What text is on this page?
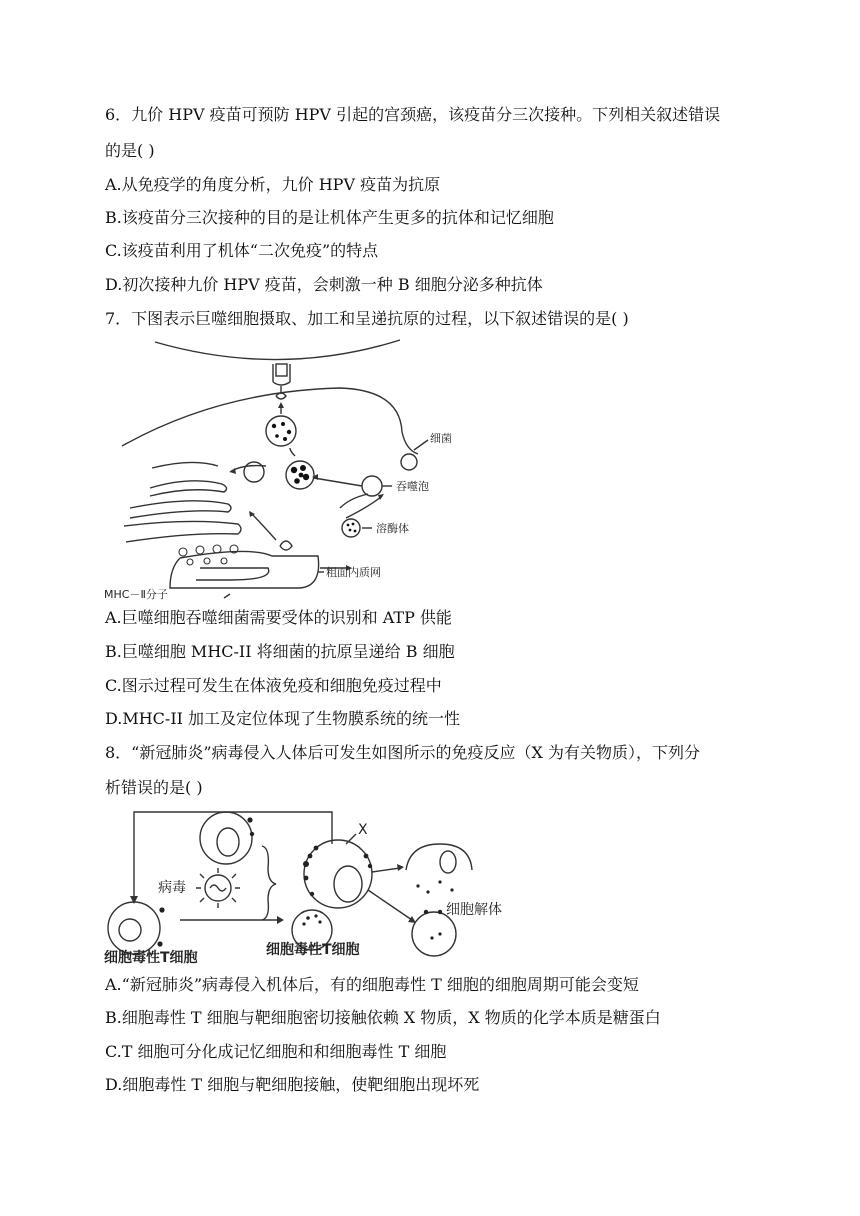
6．九价 HPV 疫苗可预防 HPV 引起的宫颈癌，该疫苗分三次接种。下列相关叙述错误
的是( )
A.从免疫学的角度分析，九价 HPV 疫苗为抗原
B.该疫苗分三次接种的目的是让机体产生更多的抗体和记忆细胞
C.该疫苗利用了机体“二次免疫”的特点
D.初次接种九价 HPV 疫苗，会刺激一种 B 细胞分泌多种抗体
7．下图表示巨噬细胞摄取、加工和呈递抗原的过程，以下叙述错误的是( )
细菌
吞噬泡
溶酶体
粗面内质网
MHC－Ⅱ分子
A.巨噬细胞吞噬细菌需要受体的识别和 ATP 供能
B.巨噬细胞 MHC-II 将细菌的抗原呈递给 B 细胞
C.图示过程可发生在体液免疫和细胞免疫过程中
D.MHC-II 加工及定位体现了生物膜系统的统一性
8．“新冠肺炎”病毒侵入人体后可发生如图所示的免疫反应（X 为有关物质），下列分
析错误的是( )
X
病毒
细胞解体
细胞毒性T细胞	细胞毒性T细胞
A.“新冠肺炎”病毒侵入机体后，有的细胞毒性 T 细胞的细胞周期可能会变短
B.细胞毒性 T 细胞与靶细胞密切接触依赖 X 物质，X 物质的化学本质是糖蛋白
C.T 细胞可分化成记忆细胞和和细胞毒性 T 细胞
D.细胞毒性 T 细胞与靶细胞接触，使靶细胞出现坏死
